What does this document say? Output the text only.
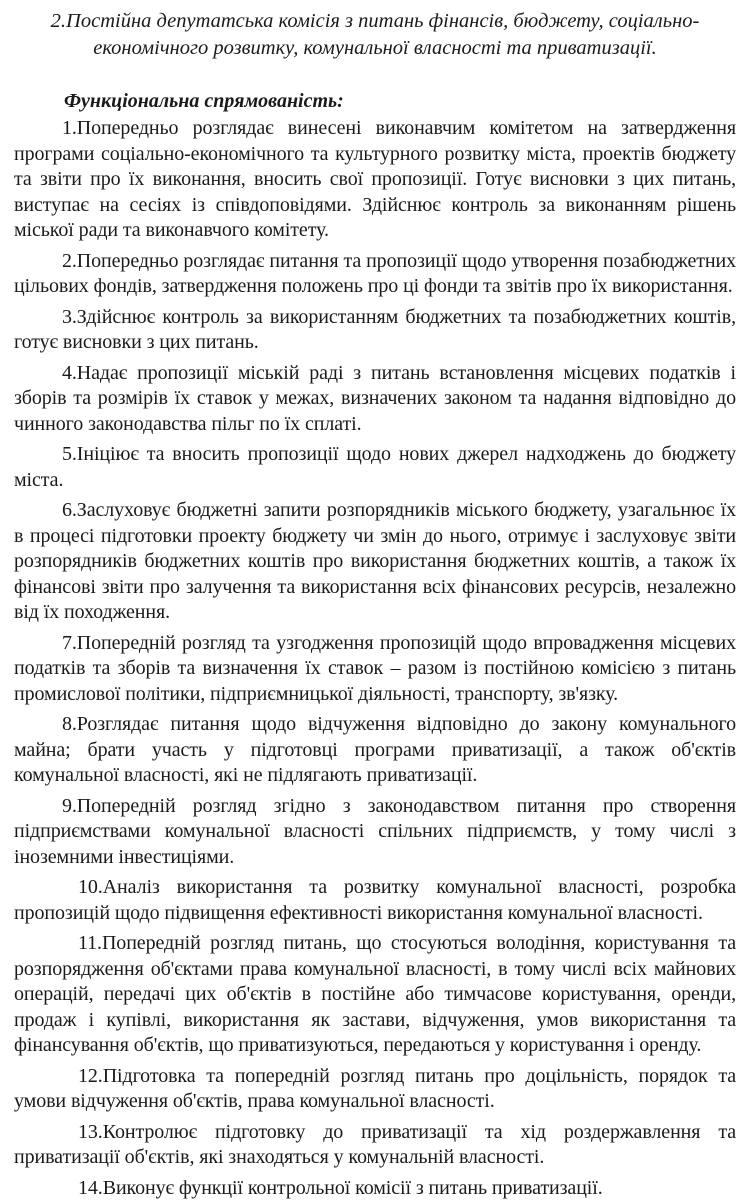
2.Постійна депутатська комісія з питань фінансів, бюджету, соціально-економічного розвитку, комунальної власності та приватизації.

Функціональна спрямованість:

1.Попередньо розглядає винесені виконавчим комітетом на затвердження програми соціально-економічного та культурного розвитку міста, проектів бюджету та звіти про їх виконання, вносить свої пропозиції. Готує висновки з цих питань, виступає на сесіях із співдоповідями. Здійснює контроль за виконанням рішень міської ради та виконавчого комітету.

2.Попередньо розглядає питання та пропозиції щодо утворення позабюджетних цільових фондів, затвердження положень про ці фонди та звітів про їх використання.

3.Здійснює контроль за використанням бюджетних та позабюджетних коштів, готує висновки з цих питань.

4.Надає пропозиції міській раді з питань встановлення місцевих податків і зборів та розмірів їх ставок у межах, визначених законом та надання відповідно до чинного законодавства пільг по їх сплаті.

5.Ініціює та вносить пропозиції щодо нових джерел надходжень до бюджету міста.

6.Заслуховує бюджетні запити розпорядників міського бюджету, узагальнює їх в процесі підготовки проекту бюджету чи змін до нього, отримує і заслуховує звіти розпорядників бюджетних коштів про використання бюджетних коштів, а також їх фінансові звіти про залучення та використання всіх фінансових ресурсів, незалежно від їх походження.

7.Попередній розгляд та узгодження пропозицій щодо впровадження місцевих податків та зборів та визначення їх ставок – разом із постійною комісією з питань промислової політики, підприємницької діяльності, транспорту, зв'язку.

8.Розглядає питання щодо відчуження відповідно до закону комунального майна; брати участь у підготовці програми приватизації, а також об'єктів комунальної власності, які не підлягають приватизації.

9.Попередній розгляд згідно з законодавством питання про створення підприємствами комунальної власності спільних підприємств, у тому числі з іноземними інвестиціями.

10.Аналіз використання та розвитку комунальної власності, розробка пропозицій щодо підвищення ефективності використання комунальної власності.

11.Попередній розгляд питань, що стосуються володіння, користування та розпорядження об'єктами права комунальної власності, в тому числі всіх майнових операцій, передачі цих об'єктів в постійне або тимчасове користування, оренди, продаж і купівлі, використання як застави, відчуження, умов використання та фінансування об'єктів, що приватизуються, передаються у користування і оренду.

12.Підготовка та попередній розгляд питань про доцільність, порядок та умови відчуження об'єктів, права комунальної власності.

13.Контролює підготовку до приватизації та хід роздержавлення та приватизації об'єктів, які знаходяться у комунальній власності.

14.Виконує функції контрольної комісії з питань приватизації.
